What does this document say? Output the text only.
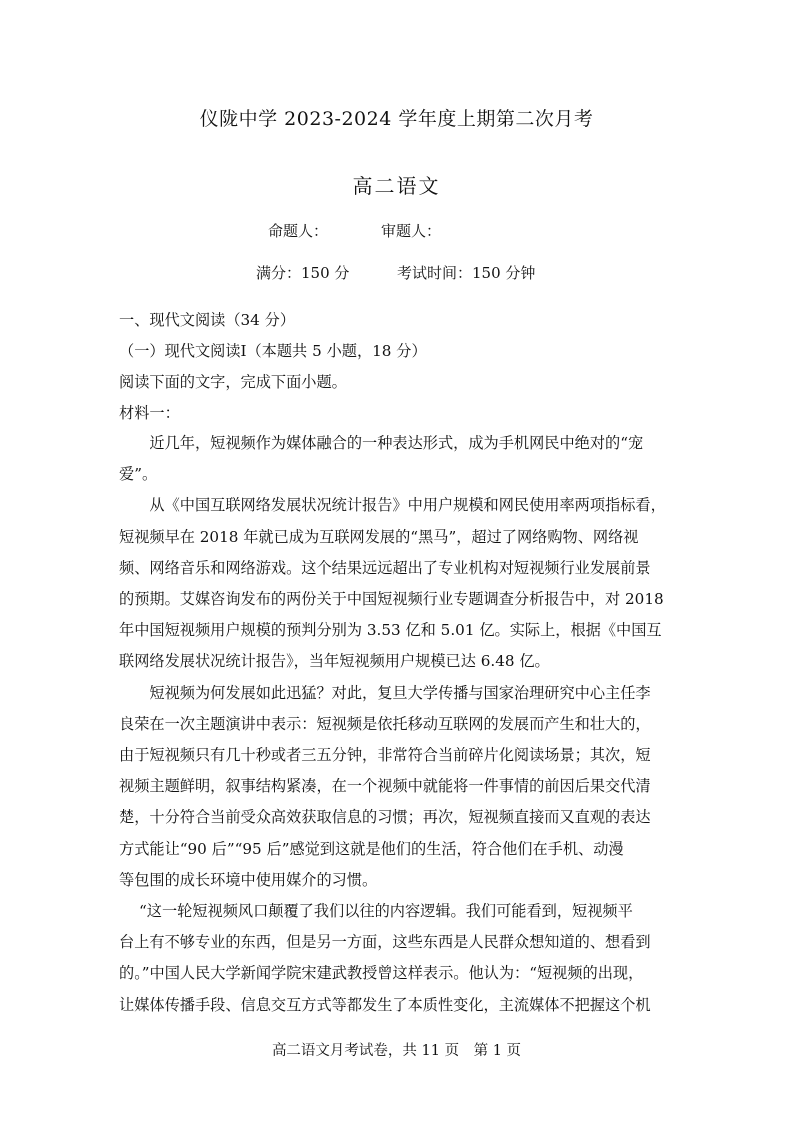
仪陇中学 2023-2024 学年度上期第二次月考
高二语文
命题人：	审题人：
满分：150 分	考试时间：150 分钟
一、现代文阅读（34 分）
（一）现代文阅读Ⅰ（本题共 5 小题，18 分）
阅读下面的文字，完成下面小题。
材料一：
　　近几年，短视频作为媒体融合的一种表达形式，成为手机网民中绝对的“宠
爱”。
　　从《中国互联网络发展状况统计报告》中用户规模和网民使用率两项指标看，
短视频早在 2018 年就已成为互联网发展的“黑马”，超过了网络购物、网络视
频、网络音乐和网络游戏。这个结果远远超出了专业机构对短视频行业发展前景
的预期。艾媒咨询发布的两份关于中国短视频行业专题调查分析报告中，对 2018
年中国短视频用户规模的预判分别为 3.53 亿和 5.01 亿。实际上，根据《中国互
联网络发展状况统计报告》，当年短视频用户规模已达 6.48 亿。
　　短视频为何发展如此迅猛？对此，复旦大学传播与国家治理研究中心主任李
良荣在一次主题演讲中表示：短视频是依托移动互联网的发展而产生和壮大的，
由于短视频只有几十秒或者三五分钟，非常符合当前碎片化阅读场景；其次，短
视频主题鲜明，叙事结构紧凑，在一个视频中就能将一件事情的前因后果交代清
楚，十分符合当前受众高效获取信息的习惯；再次，短视频直接而又直观的表达
方式能让“90 后”“95 后”感觉到这就是他们的生活，符合他们在手机、动漫
等包围的成长环境中使用媒介的习惯。
　 “这一轮短视频风口颠覆了我们以往的内容逻辑。我们可能看到，短视频平
台上有不够专业的东西，但是另一方面，这些东西是人民群众想知道的、想看到
的。”中国人民大学新闻学院宋建武教授曾这样表示。他认为：“短视频的出现，
让媒体传播手段、信息交互方式等都发生了本质性变化，主流媒体不把握这个机
高二语文月考试卷，共 11 页　第 1 页
